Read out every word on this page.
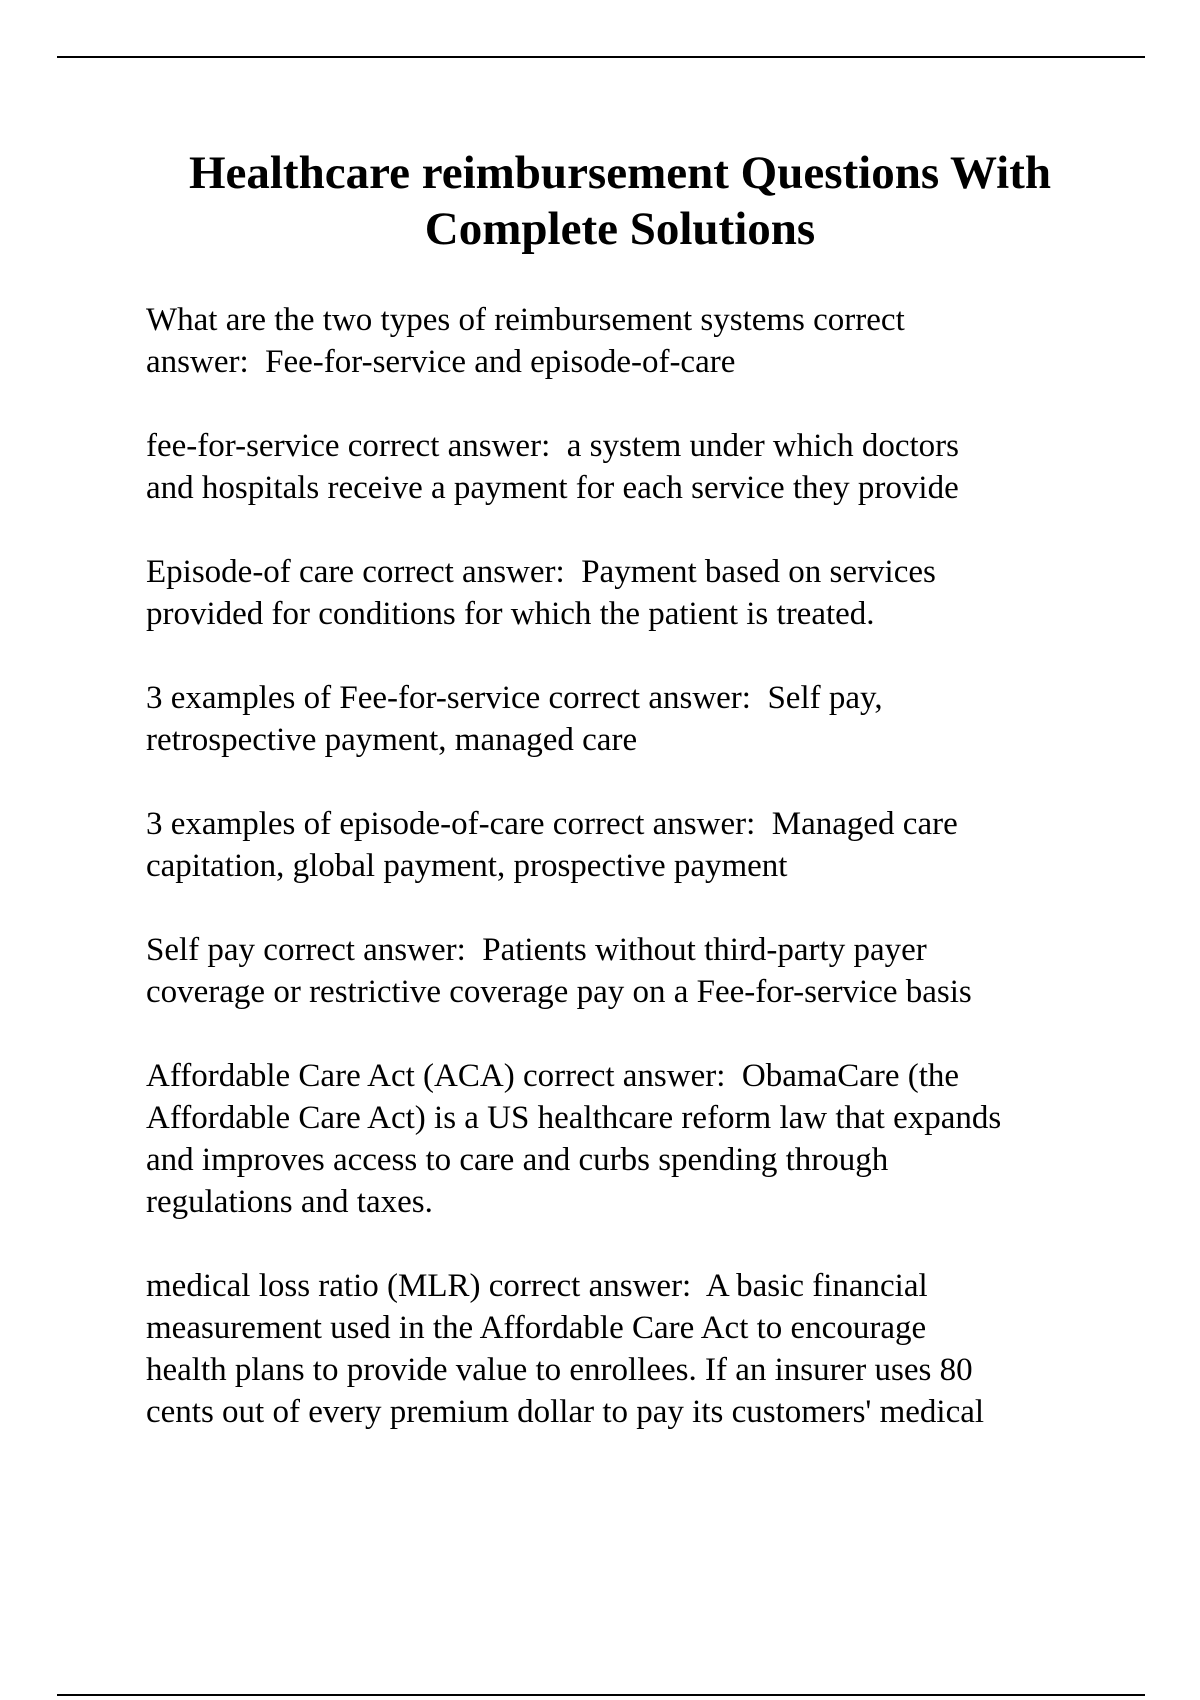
Healthcare reimbursement Questions With
Complete Solutions

What are the two types of reimbursement systems correct
answer:  Fee-for-service and episode-of-care

fee-for-service correct answer:  a system under which doctors
and hospitals receive a payment for each service they provide

Episode-of care correct answer:  Payment based on services
provided for conditions for which the patient is treated.

3 examples of Fee-for-service correct answer:  Self pay,
retrospective payment, managed care

3 examples of episode-of-care correct answer:  Managed care
capitation, global payment, prospective payment

Self pay correct answer:  Patients without third-party payer
coverage or restrictive coverage pay on a Fee-for-service basis

Affordable Care Act (ACA) correct answer:  ObamaCare (the
Affordable Care Act) is a US healthcare reform law that expands
and improves access to care and curbs spending through
regulations and taxes.

medical loss ratio (MLR) correct answer:  A basic financial
measurement used in the Affordable Care Act to encourage
health plans to provide value to enrollees. If an insurer uses 80
cents out of every premium dollar to pay its customers' medical
